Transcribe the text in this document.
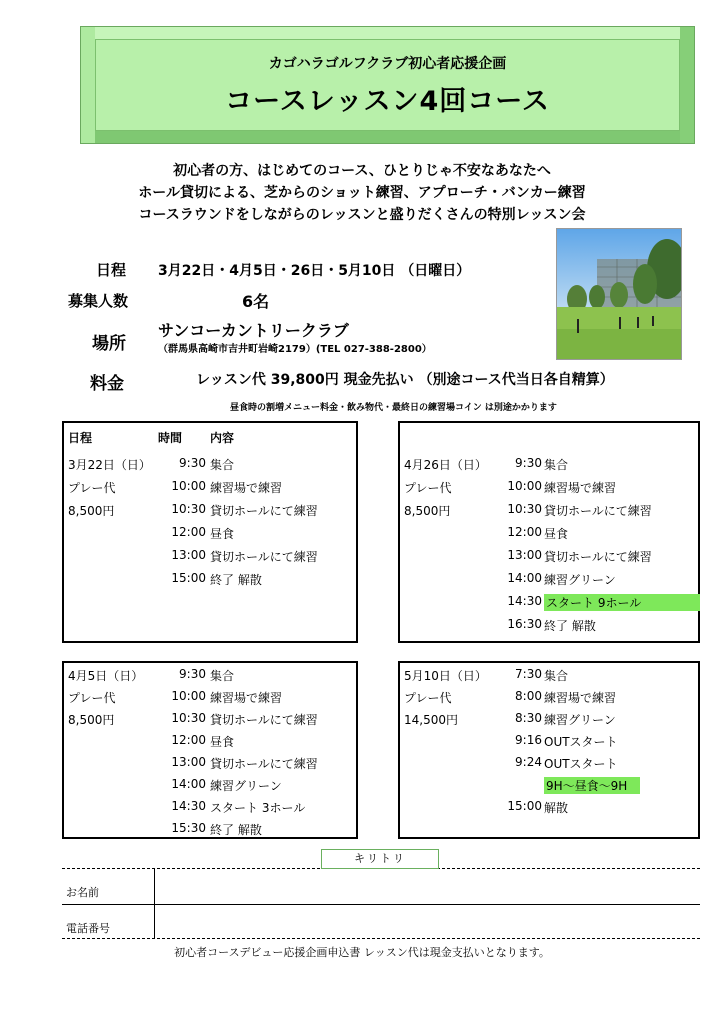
カゴハラゴルフクラブ初心者応援企画
コースレッスン4回コース
初心者の方、はじめてのコース、ひとりじゃ不安なあなたへ
ホール貸切による、芝からのショット練習、アプローチ・バンカー練習
コースラウンドをしながらのレッスンと盛りだくさんの特別レッスン会
日程 3月22日・4月5日・26日・5月10日 （日曜日）
募集人数	6名
場所
サンコーカントリークラブ
（群馬県高崎市吉井町岩崎2179）(TEL 027-388-2800）
料金	レッスン代 39,800円 現金先払い （別途コース代当日各自精算）
昼食時の割増メニュー料金・飲み物代・最終日の練習場コイン は別途かかります
日程	時間 内容
3月22日（日）	9:30 集合
プレー代	10:00 練習場で練習
8,500円	10:30 貸切ホールにて練習
12:00 昼食
13:00 貸切ホールにて練習
15:00 終了 解散
4月26日（日）	9:30 集合
プレー代	10:00 練習場で練習
8,500円	10:30 貸切ホールにて練習
12:00 昼食
13:00 貸切ホールにて練習
14:00 練習グリーン
14:30 スタート 9ホール
16:30 終了 解散
4月5日（日）	9:30 集合
プレー代	10:00 練習場で練習
8,500円	10:30 貸切ホールにて練習
12:00 昼食
13:00 貸切ホールにて練習
14:00 練習グリーン
14:30 スタート 3ホール
15:30 終了 解散
5月10日（日）	7:30 集合
プレー代	8:00 練習場で練習
14,500円	8:30 練習グリーン
9:16 OUTスタート
9:24 OUTスタート
9H～昼食～9H
15:00 解散
キリトリ
お名前
電話番号
初心者コースデビュー応援企画申込書 レッスン代は現金支払いとなります。
